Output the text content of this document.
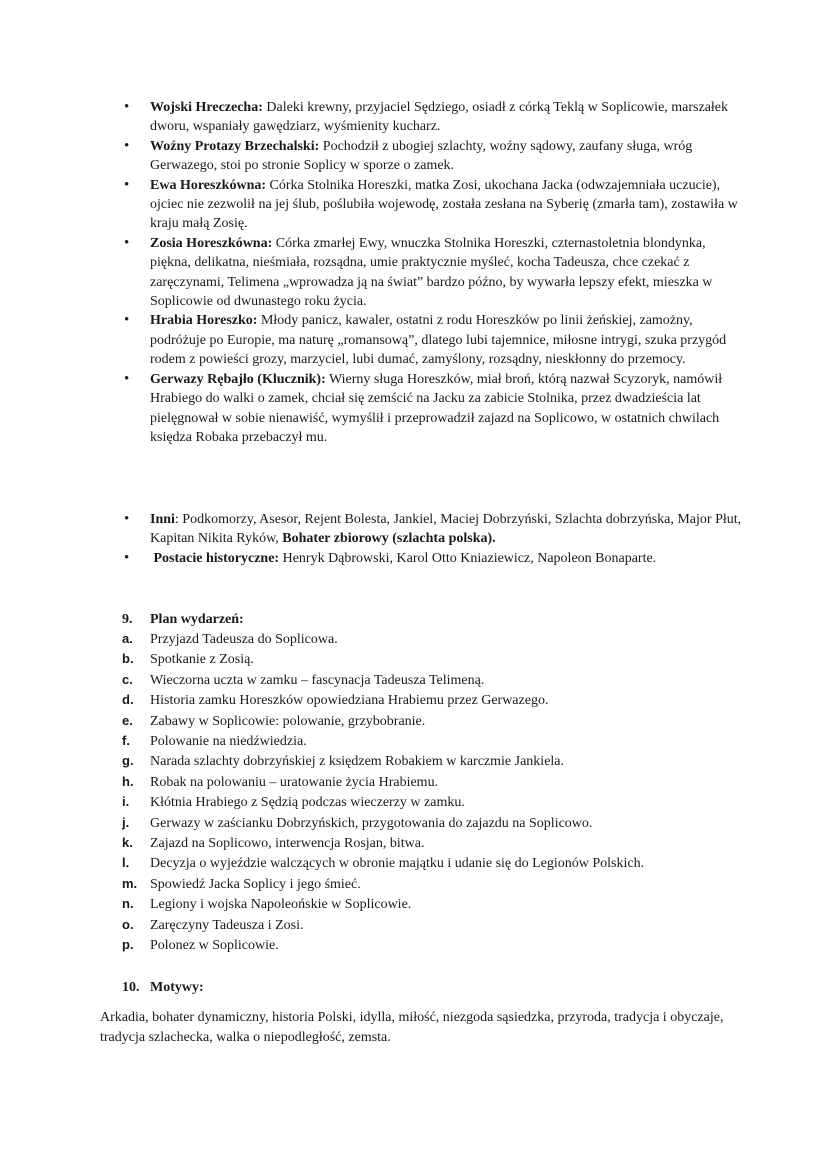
• Wojski Hreczecha: Daleki krewny, przyjaciel Sędziego, osiadł z córką Teklą w Soplicowie, marszałek dworu, wspaniały gawędziarz, wyśmienity kucharz.
• Woźny Protazy Brzechalski: Pochodził z ubogiej szlachty, woźny sądowy, zaufany sługa, wróg Gerwazego, stoi po stronie Soplicy w sporze o zamek.
• Ewa Horeszkówna: Córka Stolnika Horeszki, matka Zosi, ukochana Jacka (odwzajemniała uczucie), ojciec nie zezwolił na jej ślub, poślubiła wojewodę, została zesłana na Syberię (zmarła tam), zostawiła w kraju małą Zosię.
• Zosia Horeszkówna: Córka zmarłej Ewy, wnuczka Stolnika Horeszki, czternastoletnia blondynka, piękna, delikatna, nieśmiała, rozsądna, umie praktycznie myśleć, kocha Tadeusza, chce czekać z zaręczynami, Telimena „wprowadza ją na świat” bardzo późno, by wywarła lepszy efekt, mieszka w Soplicowie od dwunastego roku życia.
• Hrabia Horeszko: Młody panicz, kawaler, ostatni z rodu Horeszków po linii żeńskiej, zamożny, podróżuje po Europie, ma naturę „romansową”, dlatego lubi tajemnice, miłosne intrygi, szuka przygód rodem z powieści grozy, marzyciel, lubi dumać, zamyślony, rozsądny, nieskłonny do przemocy.
• Gerwazy Rębajło (Klucznik): Wierny sługa Horeszków, miał broń, którą nazwał Scyzoryk, namówił Hrabiego do walki o zamek, chciał się zemścić na Jacku za zabicie Stolnika, przez dwadzieścia lat pielęgnował w sobie nienawiść, wymyślił i przeprowadził zajazd na Soplicowo, w ostatnich chwilach księdza Robaka przebaczył mu.
• Inni: Podkomorzy, Asesor, Rejent Bolesta, Jankiel, Maciej Dobrzyński, Szlachta dobrzyńska, Major Płut, Kapitan Nikita Ryków, Bohater zbiorowy (szlachta polska).
• Postacie historyczne: Henryk Dąbrowski, Karol Otto Kniaziewicz, Napoleon Bonaparte.
9. Plan wydarzeń:
a. Przyjazd Tadeusza do Soplicowa.
b. Spotkanie z Zosią.
c. Wieczorna uczta w zamku – fascynacja Tadeusza Telimeną.
d. Historia zamku Horeszków opowiedziana Hrabiemu przez Gerwazego.
e. Zabawy w Soplicowie: polowanie, grzybobranie.
f. Polowanie na niedźwiedzia.
g. Narada szlachty dobrzyńskiej z księdzem Robakiem w karczmie Jankiela.
h. Robak na polowaniu – uratowanie życia Hrabiemu.
i. Kłótnia Hrabiego z Sędzią podczas wieczerzy w zamku.
j. Gerwazy w zaścianku Dobrzyńskich, przygotowania do zajazdu na Soplicowo.
k. Zajazd na Soplicowo, interwencja Rosjan, bitwa.
l. Decyzja o wyjeździe walczących w obronie majątku i udanie się do Legionów Polskich.
m. Spowiedź Jacka Soplicy i jego śmieć.
n. Legiony i wojska Napoleońskie w Soplicowie.
o. Zaręczyny Tadeusza i Zosi.
p. Polonez w Soplicowie.
10. Motywy:

Arkadia, bohater dynamiczny, historia Polski, idylla, miłość, niezgoda sąsiedzka, przyroda, tradycja i obyczaje, tradycja szlachecka, walka o niepodległość, zemsta.
